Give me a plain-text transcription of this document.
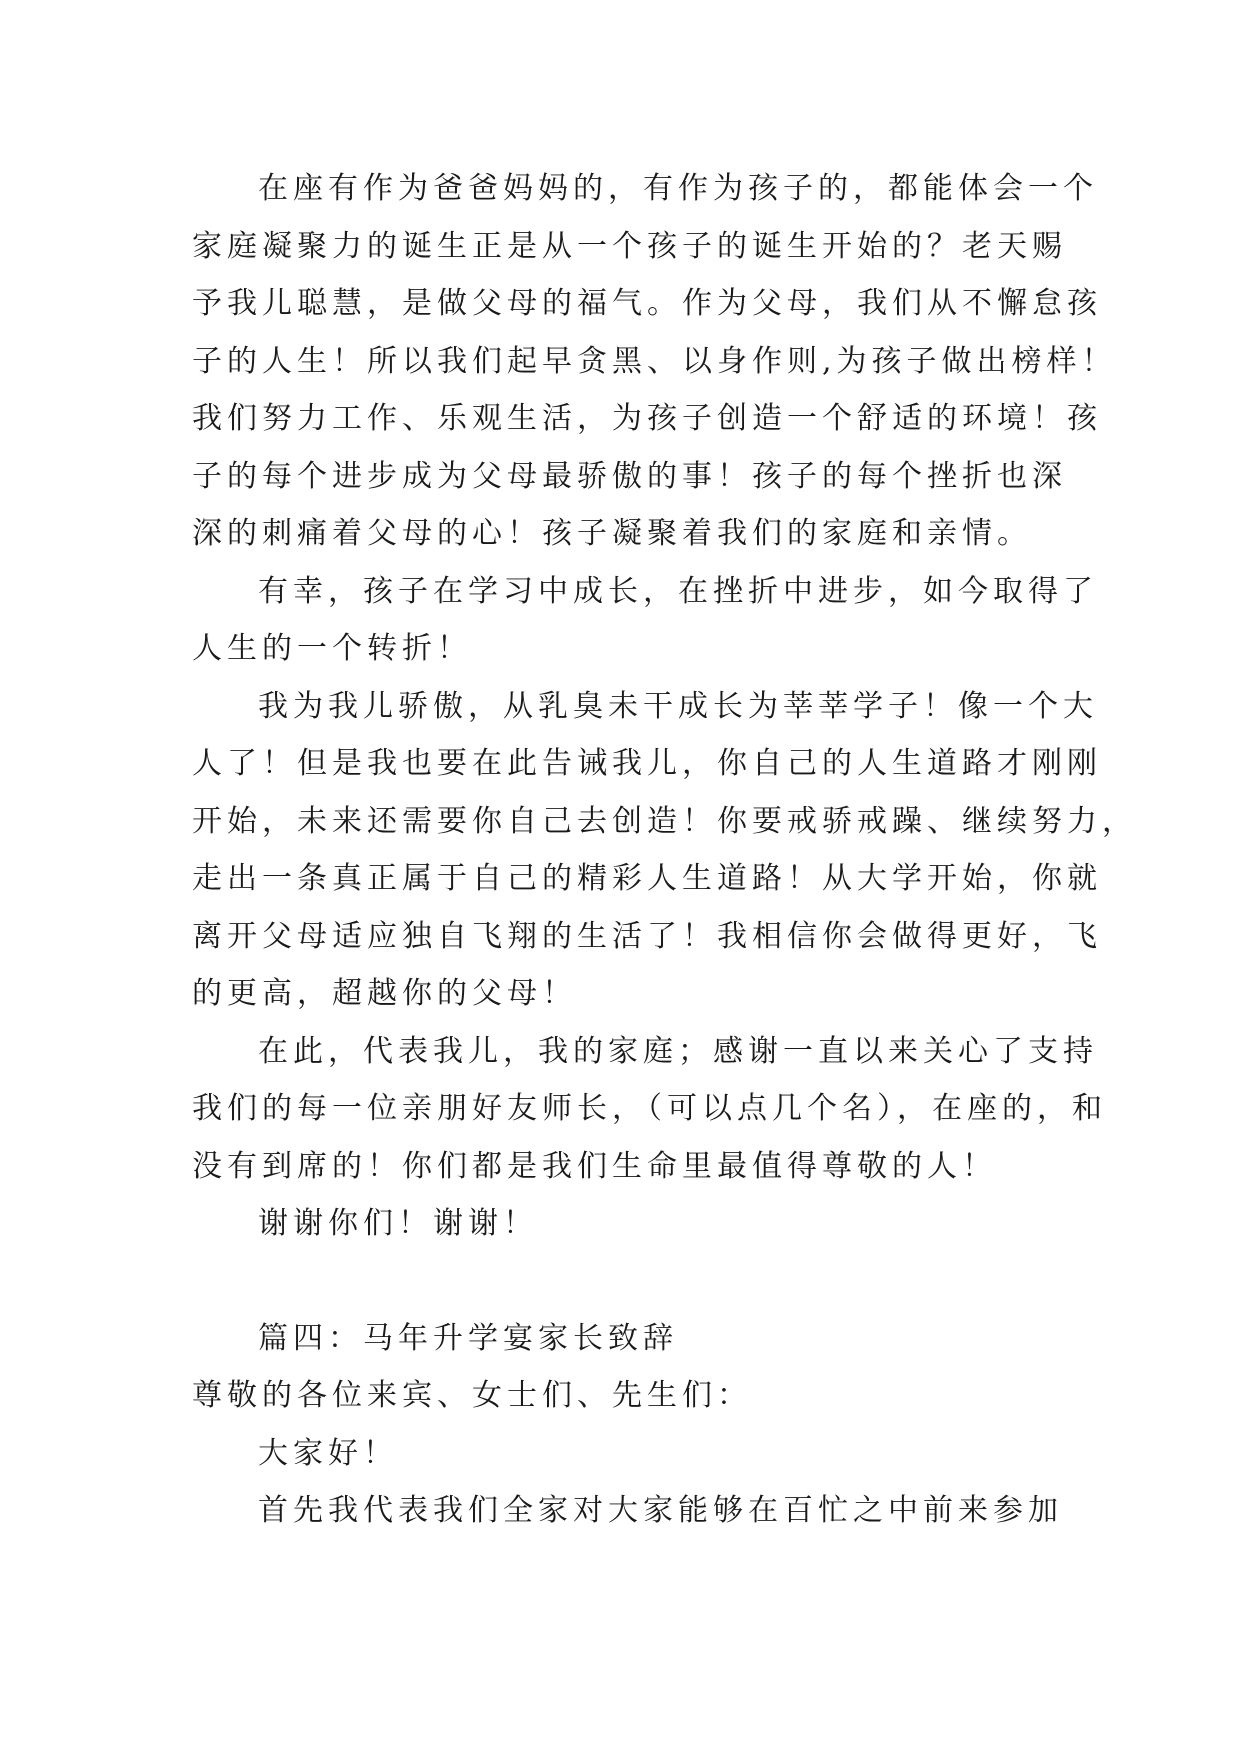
在座有作为爸爸妈妈的，有作为孩子的，都能体会一个
家庭凝聚力的诞生正是从一个孩子的诞生开始的？老天赐
予我儿聪慧，是做父母的福气。作为父母，我们从不懈怠孩
子的人生！所以我们起早贪黑、以身作则,为孩子做出榜样！
我们努力工作、乐观生活，为孩子创造一个舒适的环境！孩
子的每个进步成为父母最骄傲的事！孩子的每个挫折也深
深的刺痛着父母的心！孩子凝聚着我们的家庭和亲情。
有幸，孩子在学习中成长，在挫折中进步，如今取得了
人生的一个转折！
我为我儿骄傲，从乳臭未干成长为莘莘学子！像一个大
人了！但是我也要在此告诫我儿，你自己的人生道路才刚刚
开始，未来还需要你自己去创造！你要戒骄戒躁、继续努力，
走出一条真正属于自己的精彩人生道路！从大学开始，你就
离开父母适应独自飞翔的生活了！我相信你会做得更好，飞
的更高，超越你的父母！
在此，代表我儿，我的家庭；感谢一直以来关心了支持
我们的每一位亲朋好友师长，（可以点几个名），在座的，和
没有到席的！你们都是我们生命里最值得尊敬的人！
谢谢你们！谢谢！
篇四：马年升学宴家长致辞
尊敬的各位来宾、女士们、先生们：
大家好！
首先我代表我们全家对大家能够在百忙之中前来参加
